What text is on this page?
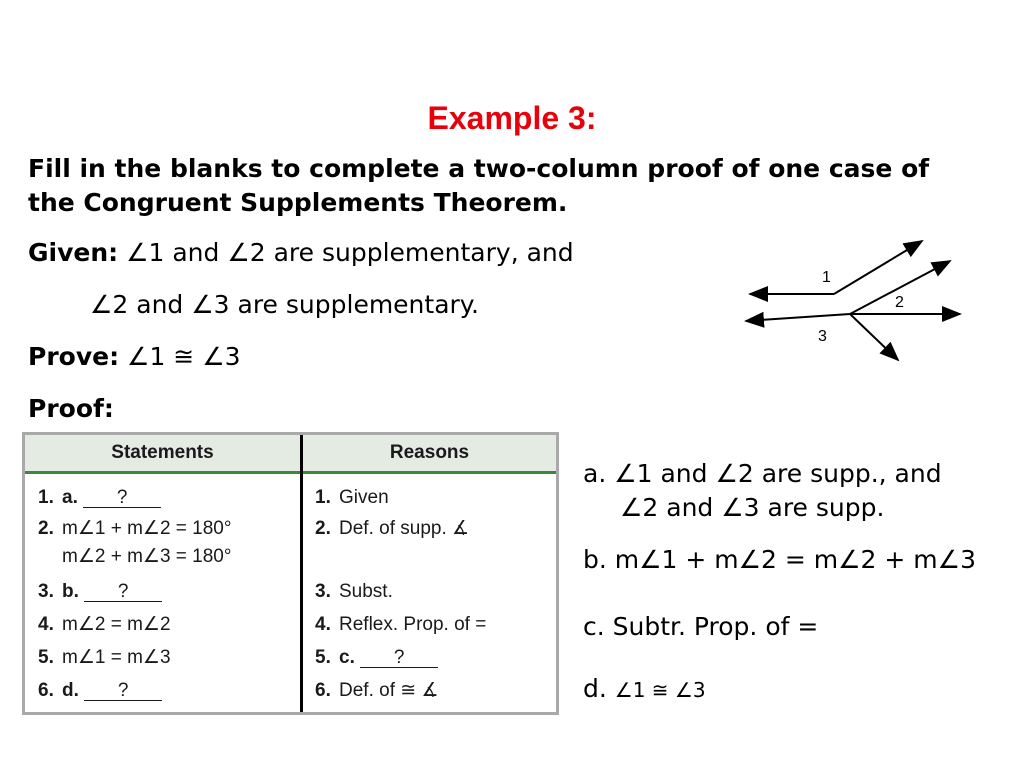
Example 3:
Fill in the blanks to complete a two-column proof of one case of the Congruent Supplements Theorem.
Given: ∠1 and ∠2 are supplementary, and
∠2 and ∠3 are supplementary.
Prove: ∠1 ≅ ∠3
Proof:
1
2
3
Statements	Reasons
1. a. ?
2. m∠1 + m∠2 = 180°
m∠2 + m∠3 = 180°
3. b. ?
4. m∠2 = m∠2
5. m∠1 = m∠3
6. d. ?
1. Given
2. Def. of supp. ∡
3. Subst.
4. Reflex. Prop. of =
5. c. ?
6. Def. of ≅ ∡
a. ∠1 and ∠2 are supp., and
∠2 and ∠3 are supp.
b. m∠1 + m∠2 = m∠2 + m∠3
c. Subtr. Prop. of =
d. ∠1 ≅ ∠3
